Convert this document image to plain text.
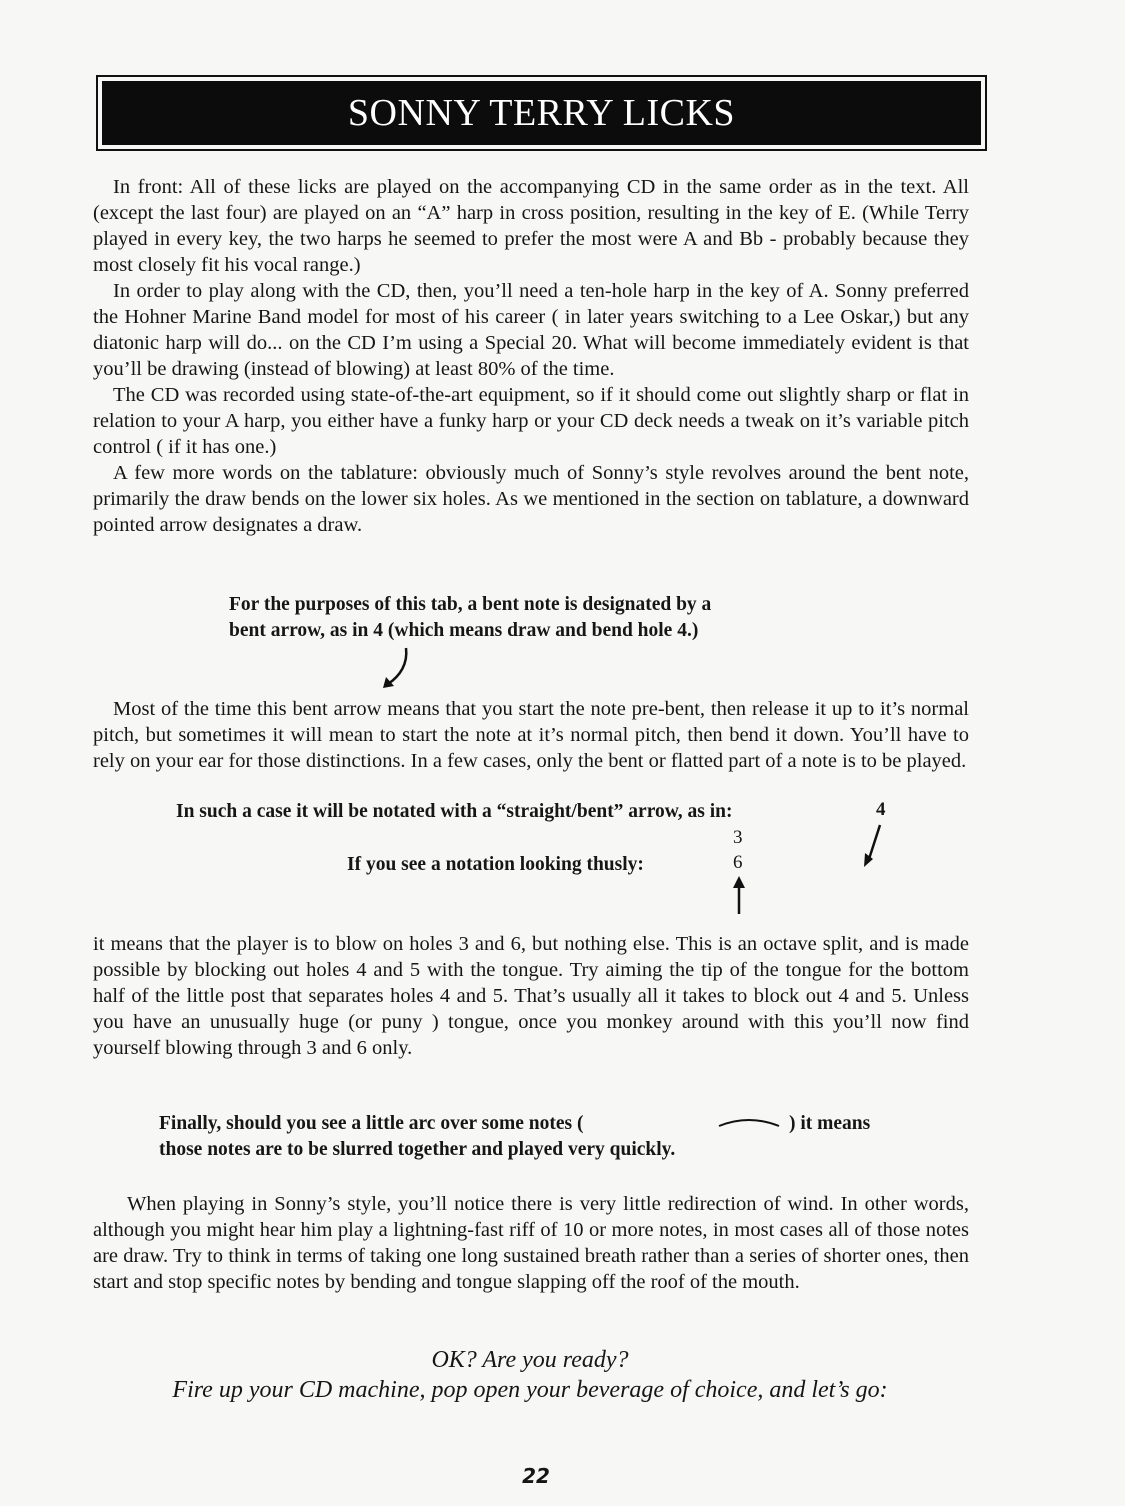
SONNY TERRY LICKS

In front: All of these licks are played on the accompanying CD in the same order as in the text. All (except the last four) are played on an “A” harp in cross position, resulting in the key of E. (While Terry played in every key, the two harps he seemed to prefer the most were A and Bb - probably because they most closely fit his vocal range.)

In order to play along with the CD, then, you’ll need a ten-hole harp in the key of A. Sonny preferred the Hohner Marine Band model for most of his career ( in later years switching to a Lee Oskar,) but any diatonic harp will do... on the CD I’m using a Special 20. What will become immediately evident is that you’ll be drawing (instead of blowing) at least 80% of the time.

The CD was recorded using state-of-the-art equipment, so if it should come out slightly sharp or flat in relation to your A harp, you either have a funky harp or your CD deck needs a tweak on it’s variable pitch control ( if it has one.)

A few more words on the tablature: obviously much of Sonny’s style revolves around the bent note, primarily the draw bends on the lower six holes. As we mentioned in the section on tablature, a downward pointed arrow designates a draw.

For the purposes of this tab, a bent note is designated by a
bent arrow, as in 4 (which means draw and bend hole 4.)

Most of the time this bent arrow means that you start the note pre-bent, then release it up to it’s normal pitch, but sometimes it will mean to start the note at it’s normal pitch, then bend it down. You’ll have to rely on your ear for those distinctions. In a few cases, only the bent or flatted part of a note is to be played.

In such a case it will be notated with a “straight/bent” arrow, as in:	4
3
If you see a notation looking thusly:	6

it means that the player is to blow on holes 3 and 6, but nothing else. This is an octave split, and is made possible by blocking out holes 4 and 5 with the tongue. Try aiming the tip of the tongue for the bottom half of the little post that separates holes 4 and 5. That’s usually all it takes to block out 4 and 5. Unless you have an unusually huge (or puny ) tongue, once you monkey around with this you’ll now find yourself blowing through 3 and 6 only.

Finally, should you see a little arc over some notes (	) it means
those notes are to be slurred together and played very quickly.

When playing in Sonny’s style, you’ll notice there is very little redirection of wind. In other words, although you might hear him play a lightning-fast riff of 10 or more notes, in most cases all of those notes are draw. Try to think in terms of taking one long sustained breath rather than a series of shorter ones, then start and stop specific notes by bending and tongue slapping off the roof of the mouth.

OK? Are you ready?
Fire up your CD machine, pop open your beverage of choice, and let’s go:
22
